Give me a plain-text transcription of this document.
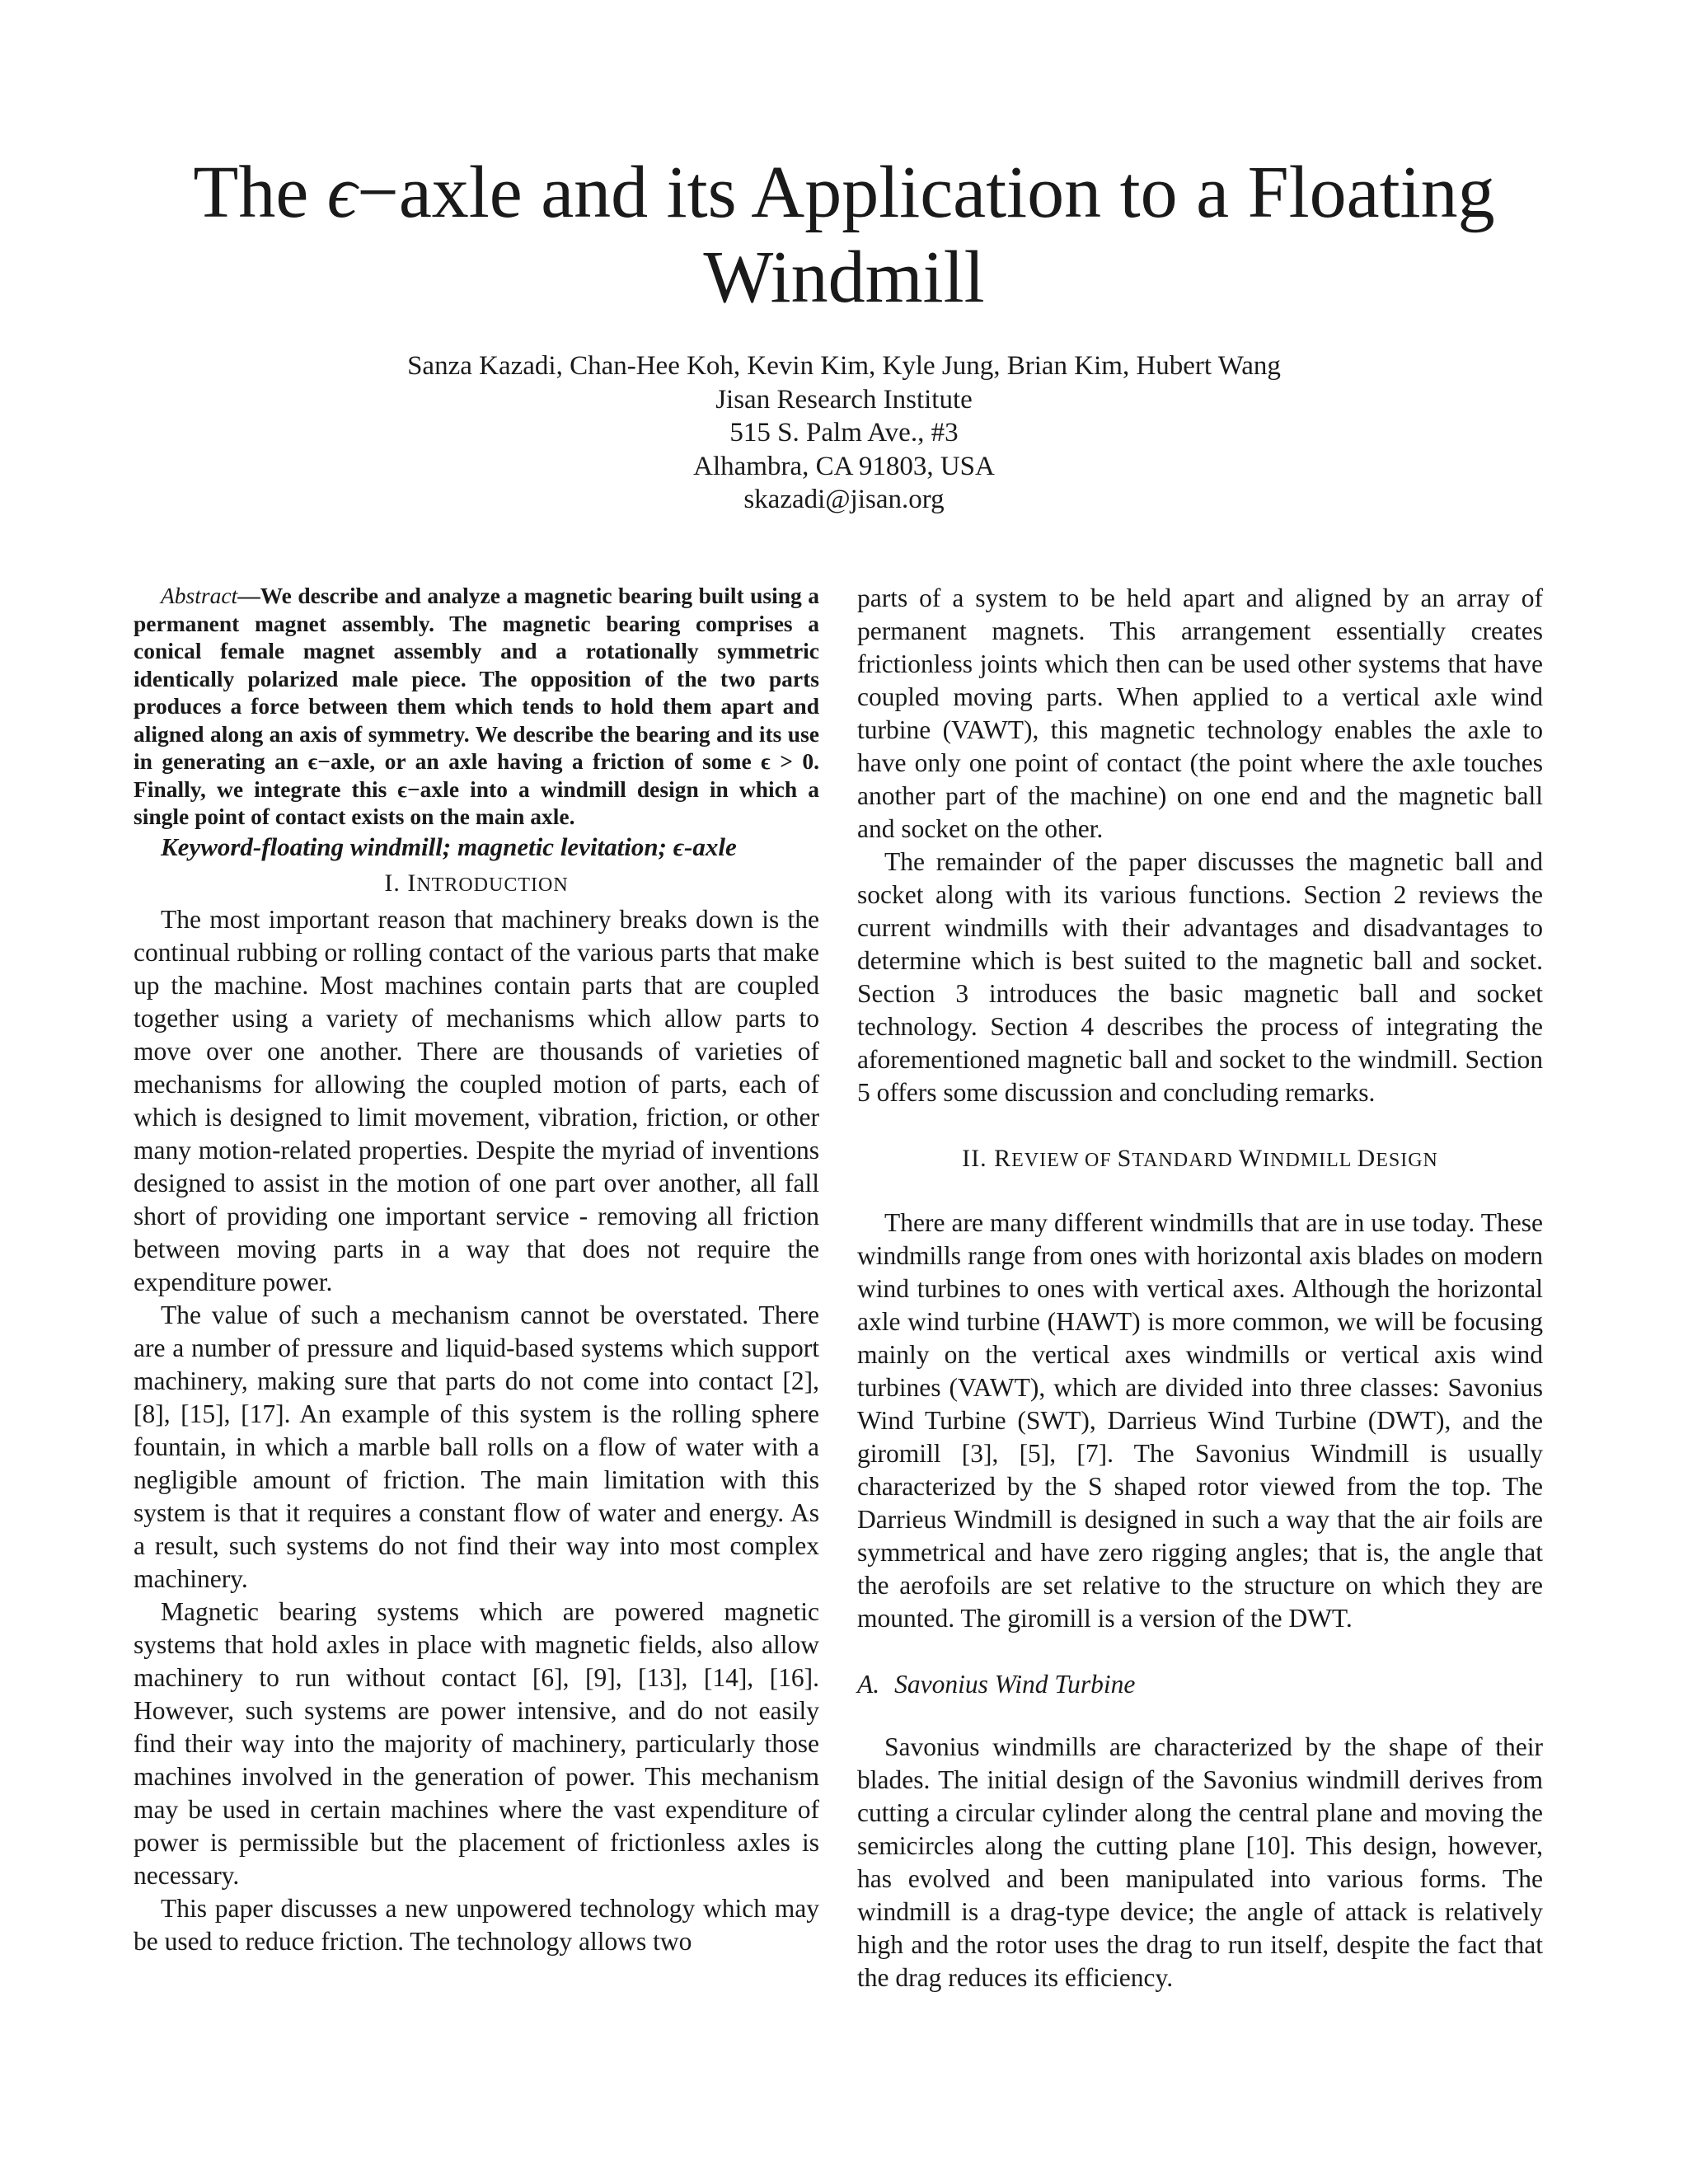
The ϵ−axle and its Application to a Floating Windmill
Sanza Kazadi, Chan-Hee Koh, Kevin Kim, Kyle Jung, Brian Kim, Hubert Wang
Jisan Research Institute
515 S. Palm Ave., #3
Alhambra, CA 91803, USA
skazadi@jisan.org

Abstract—We describe and analyze a magnetic bearing built using a permanent magnet assembly. The magnetic bearing comprises a conical female magnet assembly and a rotationally symmetric identically polarized male piece. The opposition of the two parts produces a force between them which tends to hold them apart and aligned along an axis of symmetry. We describe the bearing and its use in generating an ϵ−axle, or an axle having a friction of some ϵ > 0. Finally, we integrate this ϵ−axle into a windmill design in which a single point of contact exists on the main axle.

Keyword-floating windmill; magnetic levitation; ϵ-axle

I. INTRODUCTION

The most important reason that machinery breaks down is the continual rubbing or rolling contact of the various parts that make up the machine. Most machines contain parts that are coupled together using a variety of mechanisms which allow parts to move over one another. There are thousands of varieties of mechanisms for allowing the coupled motion of parts, each of which is designed to limit movement, vibration, friction, or other many motion-related properties. Despite the myriad of inventions designed to assist in the motion of one part over another, all fall short of providing one important service - removing all friction between moving parts in a way that does not require the expenditure power.

The value of such a mechanism cannot be overstated. There are a number of pressure and liquid-based systems which support machinery, making sure that parts do not come into contact [2], [8], [15], [17]. An example of this system is the rolling sphere fountain, in which a marble ball rolls on a flow of water with a negligible amount of friction. The main limitation with this system is that it requires a constant flow of water and energy. As a result, such systems do not find their way into most complex machinery.

Magnetic bearing systems which are powered magnetic systems that hold axles in place with magnetic fields, also allow machinery to run without contact [6], [9], [13], [14], [16]. However, such systems are power intensive, and do not easily find their way into the majority of machinery, particularly those machines involved in the generation of power. This mechanism may be used in certain machines where the vast expenditure of power is permissible but the placement of frictionless axles is necessary.

This paper discusses a new unpowered technology which may be used to reduce friction. The technology allows two

parts of a system to be held apart and aligned by an array of permanent magnets. This arrangement essentially creates frictionless joints which then can be used other systems that have coupled moving parts. When applied to a vertical axle wind turbine (VAWT), this magnetic technology enables the axle to have only one point of contact (the point where the axle touches another part of the machine) on one end and the magnetic ball and socket on the other.

The remainder of the paper discusses the magnetic ball and socket along with its various functions. Section 2 reviews the current windmills with their advantages and disadvantages to determine which is best suited to the magnetic ball and socket. Section 3 introduces the basic magnetic ball and socket technology. Section 4 describes the process of integrating the aforementioned magnetic ball and socket to the windmill. Section 5 offers some discussion and concluding remarks.

II. REVIEW OF STANDARD WINDMILL DESIGN

There are many different windmills that are in use today. These windmills range from ones with horizontal axis blades on modern wind turbines to ones with vertical axes. Although the horizontal axle wind turbine (HAWT) is more common, we will be focusing mainly on the vertical axes windmills or vertical axis wind turbines (VAWT), which are divided into three classes: Savonius Wind Turbine (SWT), Darrieus Wind Turbine (DWT), and the giromill [3], [5], [7]. The Savonius Windmill is usually characterized by the S shaped rotor viewed from the top. The Darrieus Windmill is designed in such a way that the air foils are symmetrical and have zero rigging angles; that is, the angle that the aerofoils are set relative to the structure on which they are mounted. The giromill is a version of the DWT.

A. Savonius Wind Turbine

Savonius windmills are characterized by the shape of their blades. The initial design of the Savonius windmill derives from cutting a circular cylinder along the central plane and moving the semicircles along the cutting plane [10]. This design, however, has evolved and been manipulated into various forms. The windmill is a drag-type device; the angle of attack is relatively high and the rotor uses the drag to run itself, despite the fact that the drag reduces its efficiency.
